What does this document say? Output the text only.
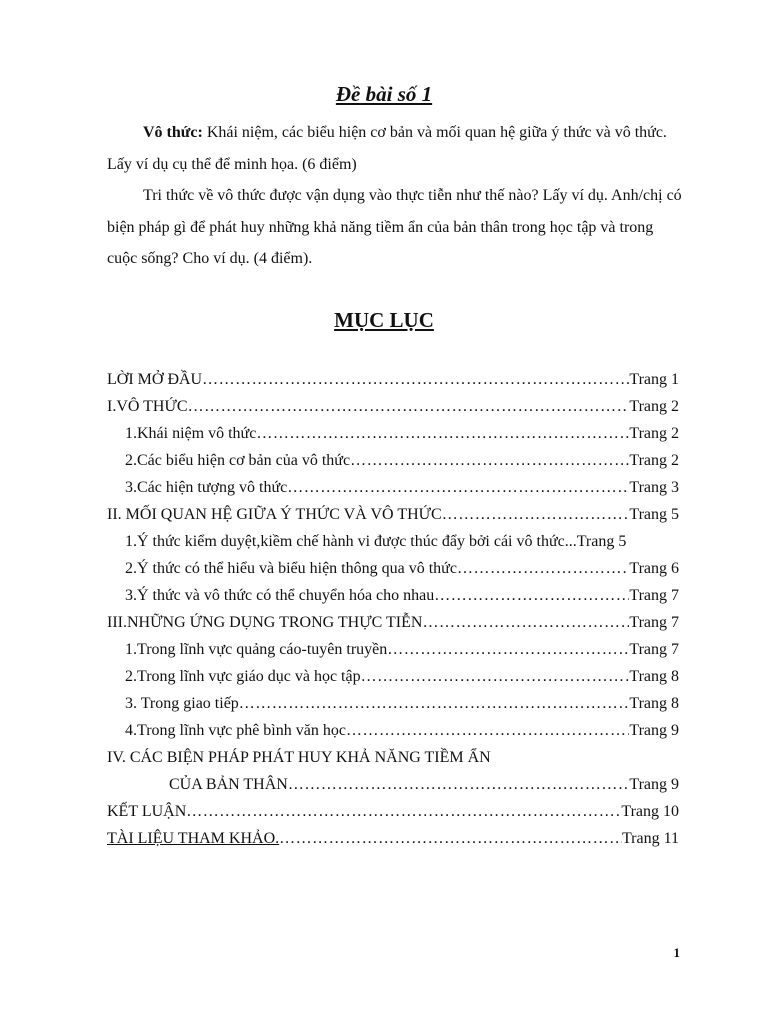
Đề bài số 1

Vô thức: Khái niệm, các biểu hiện cơ bản và mối quan hệ giữa ý thức và vô thức. Lấy ví dụ cụ thể để minh họa. (6 điểm)

Tri thức về vô thức được vận dụng vào thực tiễn như thế nào? Lấy ví dụ. Anh/chị có biện pháp gì để phát huy những khả năng tiềm ẩn của bản thân trong học tập và trong cuộc sống? Cho ví dụ. (4 điểm).

MỤC LỤC
LỜI MỞ ĐẦU ……………………………………………………………………………………………………………………	Trang 1
I.VÔ THỨC ……………………………………………………………………………………………………………………	Trang 2
1.Khái niệm vô thức ……………………………………………………………………………………………………………………	Trang 2
2.Các biểu hiện cơ bản của vô thức ……………………………………………………………………………………………………………………	Trang 2
3.Các hiện tượng vô thức ……………………………………………………………………………………………………………………	Trang 3
II. MỐI QUAN HỆ GIỮA Ý THỨC VÀ VÔ THỨC ……………………………………………………………………………………………………………………	Trang 5
1.Ý thức kiểm duyệt,kiềm chế hành vi được thúc đẩy bởi cái vô thức ...Trang 5
2.Ý thức có thể hiểu và biểu hiện thông qua vô thức ……………………………………………………………………………………………………………………	Trang 6
3.Ý thức và vô thức có thể chuyển hóa cho nhau ……………………………………………………………………………………………………………………	Trang 7
III.NHỮNG ỨNG DỤNG TRONG THỰC TIỄN ……………………………………………………………………………………………………………………	Trang 7
1.Trong lĩnh vực quảng cáo-tuyên truyền ……………………………………………………………………………………………………………………	Trang 7
2.Trong lĩnh vực giáo dục và học tập ……………………………………………………………………………………………………………………	Trang 8
3. Trong giao tiếp ……………………………………………………………………………………………………………………	Trang 8
4.Trong lĩnh vực phê bình văn học ……………………………………………………………………………………………………………………	Trang 9
IV. CÁC BIỆN PHÁP PHÁT HUY KHẢ NĂNG TIỀM ẨN
CỦA BẢN THÂN ……………………………………………………………………………………………………………………	Trang 9
KẾT LUẬN ……………………………………………………………………………………………………………………	Trang 10
TÀI LIỆU THAM KHẢO. ……………………………………………………………………………………………………………………	Trang 11
1
